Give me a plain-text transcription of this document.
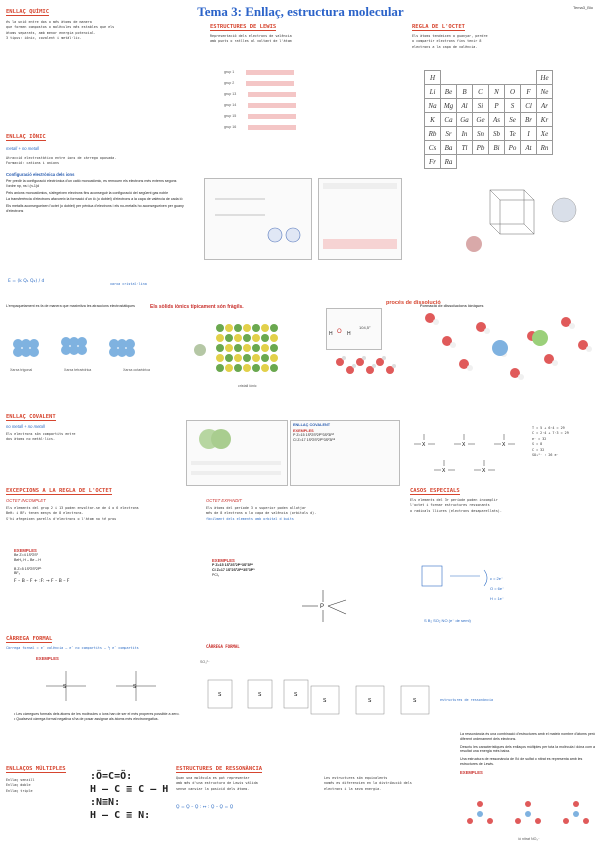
Tema 3: Enllaç, estructura molecular	Tema3_Bio
ENLLAÇ QUÍMIC
és la unió entre dos o més àtoms de manera
que formen compostos o molècules més estables que els
àtoms separats, amb menor energia potencial.
3 tipus: iònic, covalent i metàl·lic.
ENLLAÇ IÒNIC
metall + no metall
Atracció electrostàtica entre ions de càrrega oposada.
Formació: cations i anions
Configuració electrònica dels ions
Per predir la configuració electrònica d'un catió monoatòmic, es remouen els electrons més externs segons l'ordre np, ns i (n-1)d
Pels anions monoatòmics, s'afegeixen electrons fins aconseguir la configuració del següent gas noble
La transferència d'electrons afavoreix la formació d'un ió (o doblet) d'electrons a la capa de valència de cada ió
Els metalls aconsegueixen l'octet (o doblet) per pèrdua d'electrons i els no-metalls ho aconsegueixen per guany d'electrons
E = (k Q₁ Q₂) / d	xarxa cristal·lina
ESTRUCTURES DE LEWIS
Representació dels electrons de valència
amb punts o ratlles al voltant de l'àtom
grup 1
grup 2
grup 13
grup 14
grup 15
grup 16
REGLA DE L'OCTET
Els àtoms tendeixen a guanyar, perdre
o compartir electrons fins tenir 8
electrons a la capa de valència.
H							He
Li	Be	B	C	N	O	F	Ne
Na	Mg	Al	Si	P	S	Cl	Ar
K	Ca	Ga	Ge	As	Se	Br	Kr
Rb	Sr	In	Sn	Sb	Te	I	Xe
Cs	Ba	Tl	Pb	Bi	Po	At	Rn
Fr	Ra						
L'empaquetament es fa de manera que maximitza les atraccions electrostàtiques
Xarxa trigonal	Xarxa tetraèdrica	Xarxa octaèdrica
Els sòlids iònics típicament són fràgils.
cristall iònic
procés de dissolució
O
H	H
104,5°
Formació de dissolucions iòniques
ENLLAÇ COVALENT
no metall + no metall
Els electrons són compartits entre
dos àtoms no metàl·lics.
ENLLAÇ COVALENT
EXEMPLES
P Z=15 1S²2S²2P⁶3S²3P³
Cl Z=17 1S²2S²2P⁶3S²3P⁵
X	X	X
X	X
T = 5 + 6·4 = 29
C = 2·4 + 7·3 = 29
e⁻ = 32
S = 8
C = 32
SO₃²⁻ : 26 e⁻
EXCEPCIONS A LA REGLA DE L'OCTET
OCTET INCOMPLET
Els elements del grup 2 i 13 poden envoltar-se de 4 o 6 electrons
BeH₂ i BF₃ tenen menys de 8 electrons.
S'hi afegeixen parells d'electrons o l'àtom no té prou
EXEMPLES
Be Z=4 1S²2S²
BeH₂ H – Be – H
B Z=5 1S²2S²2P¹
BF₃
F – B – F + :F: → F – B – F
OCTET EXPANDIT
Els àtoms del període 3 o superior poden allotjar
més de 8 electrons a la capa de valència (orbitals d).
fàcilment dels elements amb orbital d buits
EXEMPLES
P Z=15 1S²2S²2P⁶3S²3P³
Cl Z=17 1S²2S²2P⁶3S²3P⁵
PCl₅
P
CASOS ESPECIALS
Els elements del 3r període poden incomplir
l'octet i formar estructures ressonants
o radicals lliures (electrons desaparellats).
c = 2e⁻
O = 6e⁻
H = 1e⁻
S B₂ SO₂ NO (e⁻ de semi)
CÀRREGA FORMAL
Càrrega formal = eˉ valència – eˉ no compartits – ½ eˉ compartits
EXEMPLES
S	S
• Les càrregues formals dels àtoms de les molècules o ions han de ser el més properes possible a zero.
• Qualsevol càrrega formal negativa s'ha de posar assignar als àtoms més electronegatius.
CÀRREGA FORMAL
SO₄²⁻
S	S	S
S	S	S	estructures de ressonància
ENLLAÇOS MÚLTIPLES
Enllaç senzill
Enllaç doble
Enllaç triple
:Ö=C=Ö:
H – C ≡ C – H
:N≡N:
H – C ≡ N:
ESTRUCTURES DE RESSONÀNCIA
Quan una molècula es pot representar
amb més d'una estructura de Lewis vàlida
sense canviar la posició dels àtoms.
O̤ = O̤ – O̤ : ↔ : O̤ – O̤ = O̤
Les estructures són equivalents
només es diferencien en la distribució dels
electrons i la seva energia.
La ressonància és una combinació d'estructures amb el mateix nombre d'àtoms però diferent ordenament dels electrons.
Descriu les característiques dels enllaços múltiples per tota la molècula i dóna com a resultat una energia més baixa.
Una estructura de ressonància de l'ió de sulfat o nitrat es representa amb les estructures de Lewis.
EXEMPLES
ió nitrat NO₃⁻
